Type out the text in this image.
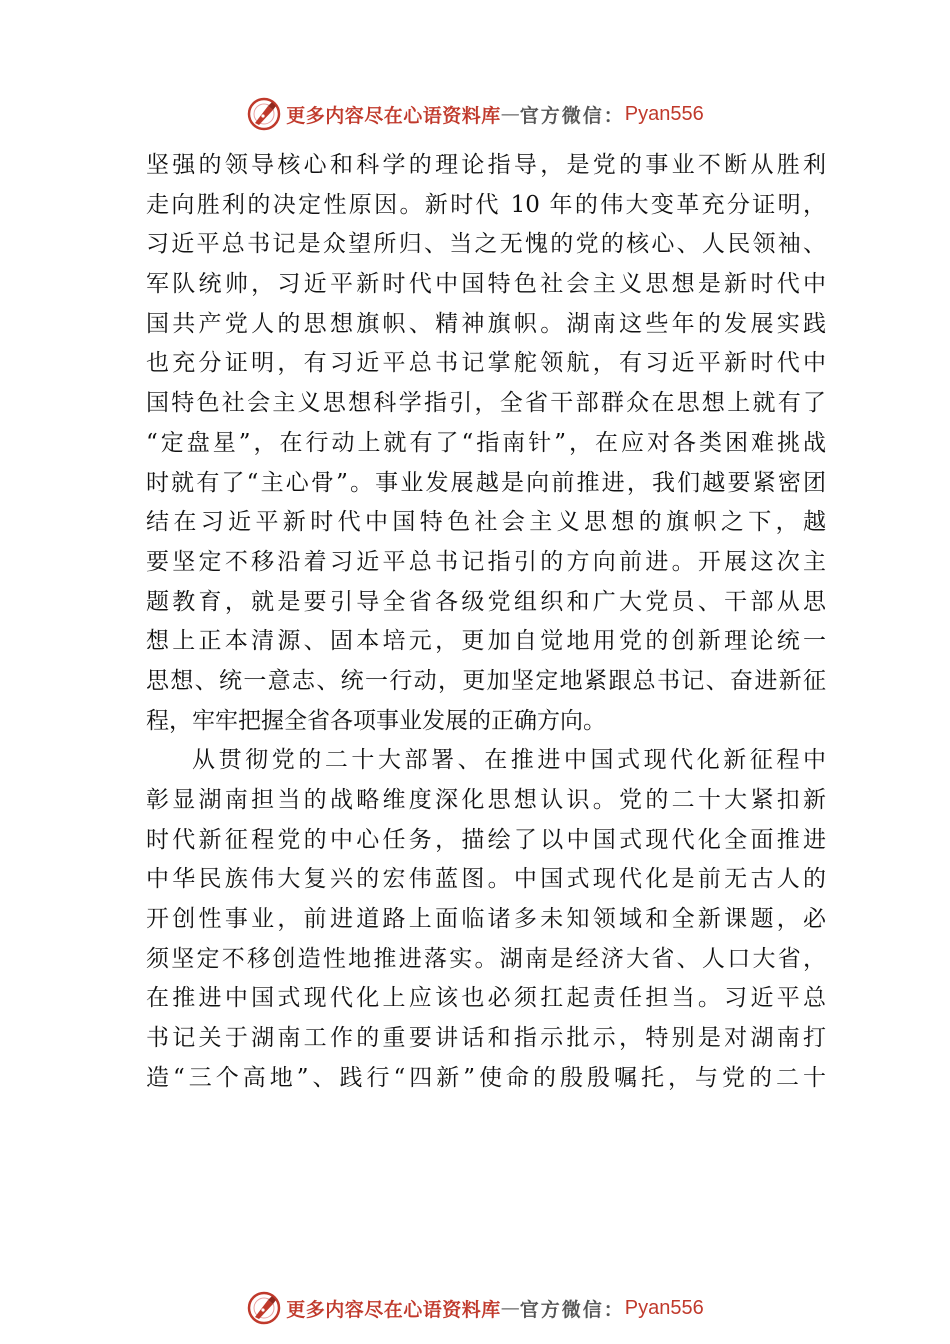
更多内容尽在心语资料库 — 官方微信： Pyan556
坚强的领导核心和科学的理论指导，是党的事业不断从胜利
走向胜利的决定性原因。新时代 10 年的伟大变革充分证明，
习近平总书记是众望所归、当之无愧的党的核心、人民领袖、
军队统帅，习近平新时代中国特色社会主义思想是新时代中
国共产党人的思想旗帜、精神旗帜。湖南这些年的发展实践
也充分证明，有习近平总书记掌舵领航，有习近平新时代中
国特色社会主义思想科学指引，全省干部群众在思想上就有了
“定盘星”，在行动上就有了“指南针”，在应对各类困难挑战
时就有了“主心骨”。事业发展越是向前推进，我们越要紧密团
结在习近平新时代中国特色社会主义思想的旗帜之下，越
要坚定不移沿着习近平总书记指引的方向前进。开展这次主
题教育，就是要引导全省各级党组织和广大党员、干部从思
想上正本清源、固本培元，更加自觉地用党的创新理论统一
思想、统一意志、统一行动，更加坚定地紧跟总书记、奋进新征
程，牢牢把握全省各项事业发展的正确方向。
从贯彻党的二十大部署、在推进中国式现代化新征程中
彰显湖南担当的战略维度深化思想认识。党的二十大紧扣新
时代新征程党的中心任务，描绘了以中国式现代化全面推进
中华民族伟大复兴的宏伟蓝图。中国式现代化是前无古人的
开创性事业，前进道路上面临诸多未知领域和全新课题，必
须坚定不移创造性地推进落实。湖南是经济大省、人口大省，
在推进中国式现代化上应该也必须扛起责任担当。习近平总
书记关于湖南工作的重要讲话和指示批示，特别是对湖南打
造“三个高地”、践行“四新”使命的殷殷嘱托，与党的二十
更多内容尽在心语资料库 — 官方微信： Pyan556
